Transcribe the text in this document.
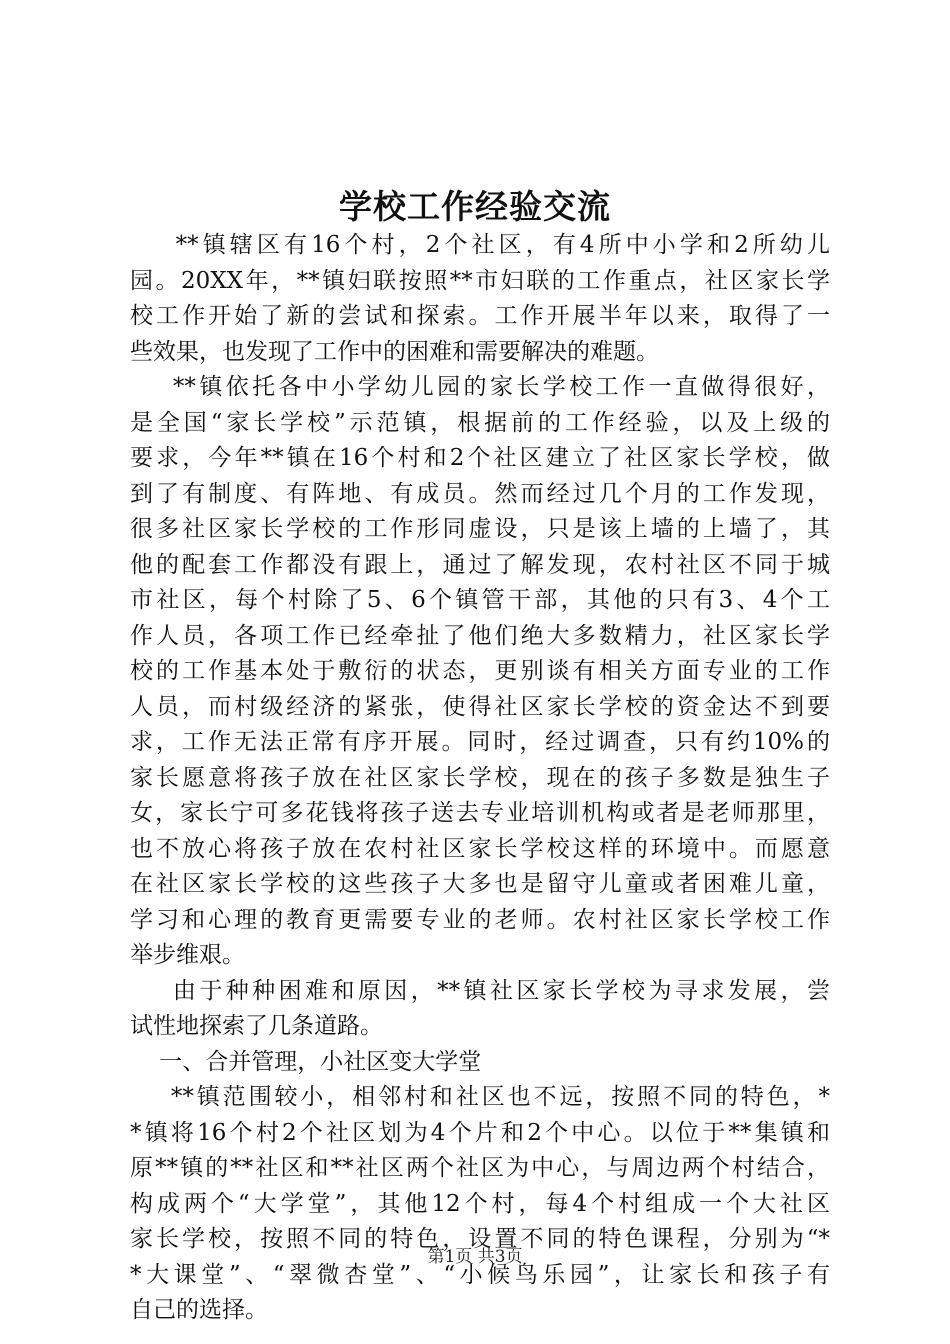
学校工作经验交流
**镇辖区有16个村，2个社区，有4所中小学和2所幼儿
园。20XX年，**镇妇联按照**市妇联的工作重点，社区家长学
校工作开始了新的尝试和探索。工作开展半年以来，取得了一
些效果，也发现了工作中的困难和需要解决的难题。
**镇依托各中小学幼儿园的家长学校工作一直做得很好，
是全国“家长学校”示范镇，根据前的工作经验，以及上级的
要求，今年**镇在16个村和2个社区建立了社区家长学校，做
到了有制度、有阵地、有成员。然而经过几个月的工作发现，
很多社区家长学校的工作形同虚设，只是该上墙的上墙了，其
他的配套工作都没有跟上，通过了解发现，农村社区不同于城
市社区，每个村除了5、6个镇管干部，其他的只有3、4个工
作人员，各项工作已经牵扯了他们绝大多数精力，社区家长学
校的工作基本处于敷衍的状态，更别谈有相关方面专业的工作
人员，而村级经济的紧张，使得社区家长学校的资金达不到要
求，工作无法正常有序开展。同时，经过调查，只有约10%的
家长愿意将孩子放在社区家长学校，现在的孩子多数是独生子
女，家长宁可多花钱将孩子送去专业培训机构或者是老师那里，
也不放心将孩子放在农村社区家长学校这样的环境中。而愿意
在社区家长学校的这些孩子大多也是留守儿童或者困难儿童，
学习和心理的教育更需要专业的老师。农村社区家长学校工作
举步维艰。
由于种种困难和原因，**镇社区家长学校为寻求发展，尝
试性地探索了几条道路。
一、合并管理，小社区变大学堂
**镇范围较小，相邻村和社区也不远，按照不同的特色，*
*镇将16个村2个社区划为4个片和2个中心。以位于**集镇和
原**镇的**社区和**社区两个社区为中心，与周边两个村结合，
构成两个“大学堂”，其他12个村，每4个村组成一个大社区
家长学校，按照不同的特色，设置不同的特色课程，分别为“*
*大课堂”、“翠微杏堂”、“小候鸟乐园”，让家长和孩子有
自己的选择。
第1页 共3页
